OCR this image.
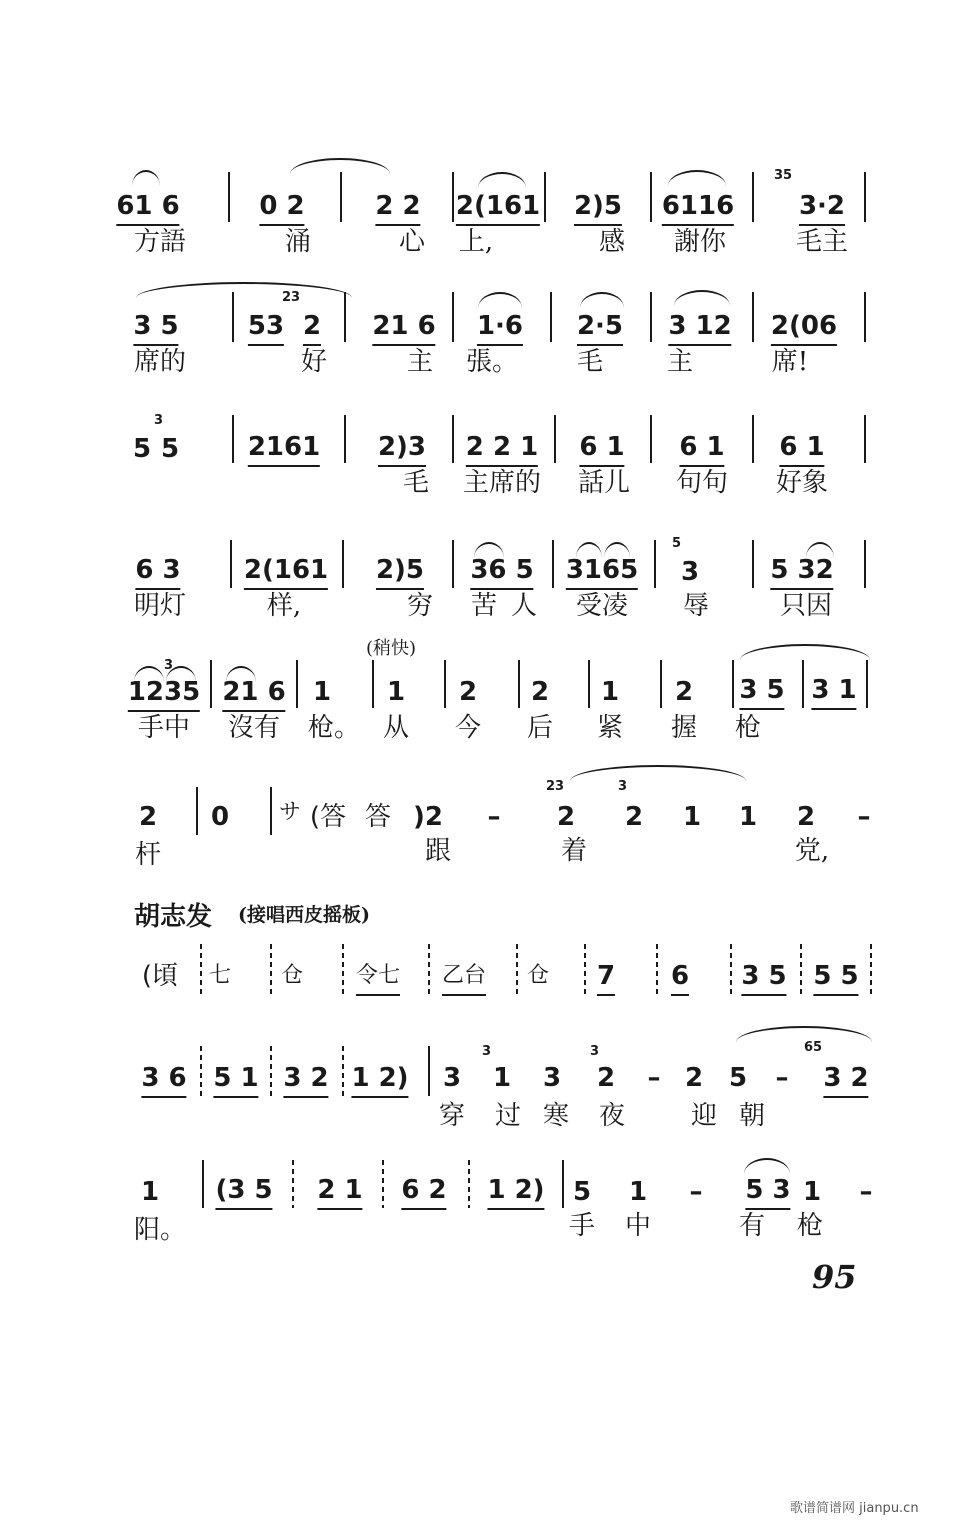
35
61 6	0 2	2 2 2(161 2)5 6116 3·2
方語	涌	心 上,	感 謝你	毛主
23
3 5	53 2 21 6 1·6 2·5 3 12 2(06
席的	好	主 張。 毛 主	席!
3
5 5	2161 2)3 2 2 1 6 1 6 1 6 1
毛 主席的 話儿 句句 好象
5
6 3 2(161 2)5 36 5 3165 3	5 32
明灯	样,	穷 苦 人 受凌 辱	只因
(稍快)
3
1235 21 6 1 1 2 2 1 2 3 5 3 1
手中 沒有 枪。 从 今 后 紧 握 枪
23	3
2 0 サ (答 答 )2 – 2 2 1 1 2 –
杆	跟	着	党,
胡志发 (接唱西皮摇板)
(頃 七 仓 令七 乙台 仓 7 6 3 5 5 5
3	3	65
3 6 5 1 3 2 1 2) 3 1 3 2 – 2 5 – 3 2
穿 过 寒 夜	迎 朝
1 (3 5 2 1 6 2 1 2) 5 1 – 5 3 1 –
阳。	手 中	有 枪
95
歌谱简谱网 jianpu.cn
